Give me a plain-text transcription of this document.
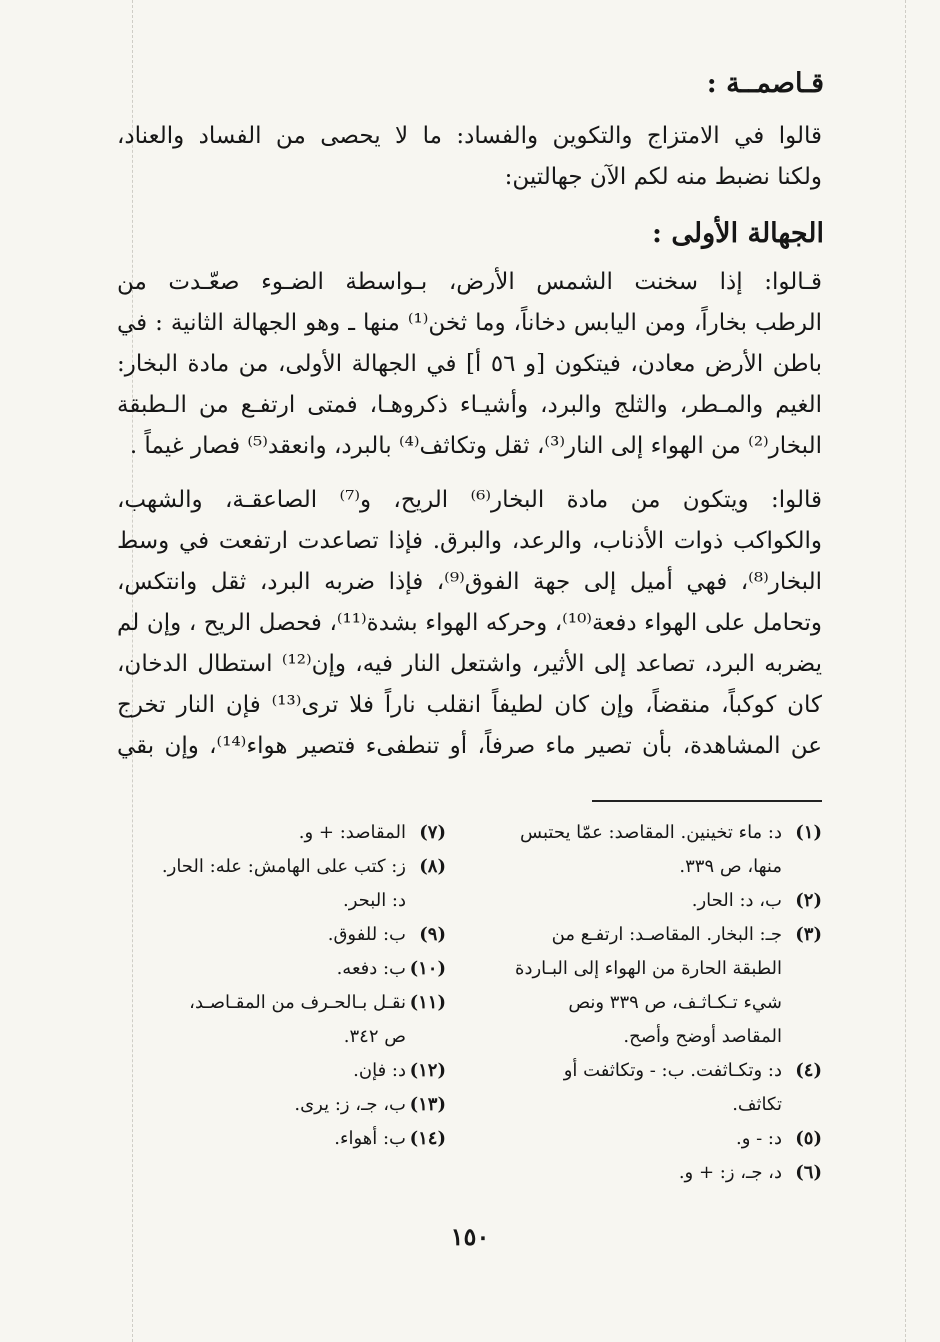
قـاصمــة :

قالوا في الامتزاج والتكوين والفساد: ما لا يحصى من الفساد والعناد،
ولكنا نضبط منه لكم الآن جهالتين:

الجهالة الأولى :

قـالوا: إذا سخنت الشمس الأرض، بـواسطة الضـوء صعّـدت من
الرطب بخاراً، ومن اليابس دخاناً، وما ثخن⁽¹⁾ منها ـ وهو الجهالة الثانية : في
باطن الأرض معادن، فيتكون [و ٥٦ أ] في الجهالة الأولى، من مادة البخار:
الغيم والمـطر، والثلج والبرد، وأشيـاء ذكروهـا، فمتى ارتفـع من الـطبقة
البخار⁽²⁾ من الهواء إلى النار⁽³⁾، ثقل وتكاثف⁽⁴⁾ بالبرد، وانعقد⁽⁵⁾ فصار غيماً .

قالوا: ويتكون من مادة البخار⁽⁶⁾ الريح، و⁽⁷⁾ الصاعقـة، والشهب،
والكواكب ذوات الأذناب، والرعد، والبرق. فإذا تصاعدت ارتفعت في وسط
البخار⁽⁸⁾، فهي أميل إلى جهة الفوق⁽⁹⁾، فإذا ضربه البرد، ثقل وانتكس،
وتحامل على الهواء دفعة⁽¹⁰⁾، وحركه الهواء بشدة⁽¹¹⁾، فحصل الريح ، وإن لم
يضربه البرد، تصاعد إلى الأثير، واشتعل النار فيه، وإن⁽¹²⁾ استطال الدخان،
كان كوكباً، منقضاً، وإن كان لطيفاً انقلب ناراً فلا ترى⁽¹³⁾ فإن النار تخرج
عن المشاهدة، بأن تصير ماء صرفاً، أو تنطفىء فتصير هواء⁽¹⁴⁾، وإن بقي

(١)
د: ماء تخينين. المقاصد: عمّا يحتبس
منها، ص ٣٣٩.
(٢)
ب، د: الحار.
(٣)
جـ: البخار. المقاصـد: ارتفـع من
الطبقة الحارة من الهواء إلى البـاردة
شيء تـكـاثـف، ص ٣٣٩ ونص
المقاصد أوضح وأصح.
(٤)
د: وتكـاثفت. ب: - وتكاثفت أو
تكاثف.
(٥)
د: - و.
(٦)
د، جـ، ز: + و.
(٧)
المقاصد: + و.
(٨)
ز: كتب على الهامش: عله: الحار.
د: البحر.
(٩)
ب: للفوق.
(١٠)
ب: دفعه.
(١١)
نقـل بـالحـرف من المقـاصـد،
ص ٣٤٢.
(١٢)
د: فإن.
(١٣)
ب، جـ، ز: يرى.
(١٤)
ب: أهواء.
١٥٠
